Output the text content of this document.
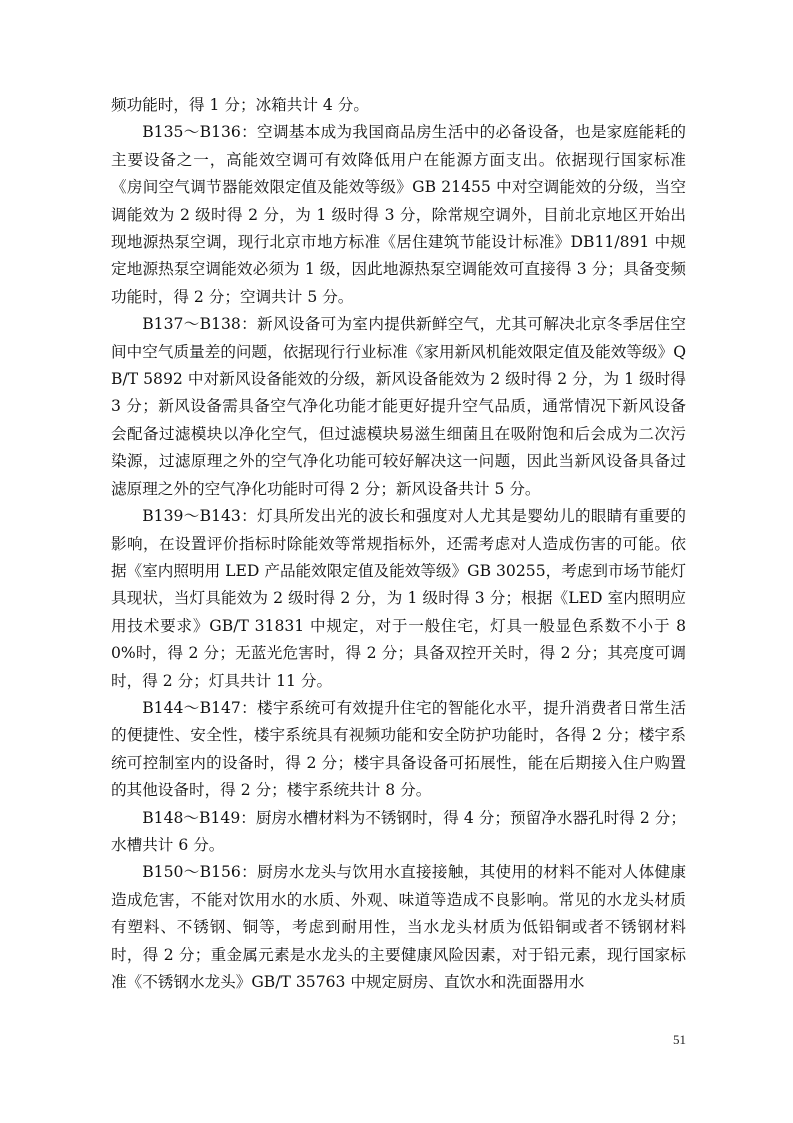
频功能时，得 1 分；冰箱共计 4 分。

B135～B136：空调基本成为我国商品房生活中的必备设备，也是家庭能耗的主要设备之一，高能效空调可有效降低用户在能源方面支出。依据现行国家标准《房间空气调节器能效限定值及能效等级》GB 21455 中对空调能效的分级，当空调能效为 2 级时得 2 分，为 1 级时得 3 分，除常规空调外，目前北京地区开始出现地源热泵空调，现行北京市地方标准《居住建筑节能设计标准》DB11/891 中规定地源热泵空调能效必须为 1 级，因此地源热泵空调能效可直接得 3 分；具备变频功能时，得 2 分；空调共计 5 分。

B137～B138：新风设备可为室内提供新鲜空气，尤其可解决北京冬季居住空间中空气质量差的问题，依据现行行业标准《家用新风机能效限定值及能效等级》QB/T 5892 中对新风设备能效的分级，新风设备能效为 2 级时得 2 分，为 1 级时得 3 分；新风设备需具备空气净化功能才能更好提升空气品质，通常情况下新风设备会配备过滤模块以净化空气，但过滤模块易滋生细菌且在吸附饱和后会成为二次污染源，过滤原理之外的空气净化功能可较好解决这一问题，因此当新风设备具备过滤原理之外的空气净化功能时可得 2 分；新风设备共计 5 分。

B139～B143：灯具所发出光的波长和强度对人尤其是婴幼儿的眼睛有重要的影响，在设置评价指标时除能效等常规指标外，还需考虑对人造成伤害的可能。依据《室内照明用 LED 产品能效限定值及能效等级》GB 30255，考虑到市场节能灯具现状，当灯具能效为 2 级时得 2 分，为 1 级时得 3 分；根据《LED 室内照明应用技术要求》GB/T 31831 中规定，对于一般住宅，灯具一般显色系数不小于 80%时，得 2 分；无蓝光危害时，得 2 分；具备双控开关时，得 2 分；其亮度可调时，得 2 分；灯具共计 11 分。

B144～B147：楼宇系统可有效提升住宅的智能化水平，提升消费者日常生活的便捷性、安全性，楼宇系统具有视频功能和安全防护功能时，各得 2 分；楼宇系统可控制室内的设备时，得 2 分；楼宇具备设备可拓展性，能在后期接入住户购置的其他设备时，得 2 分；楼宇系统共计 8 分。

B148～B149：厨房水槽材料为不锈钢时，得 4 分；预留净水器孔时得 2 分；水槽共计 6 分。

B150～B156：厨房水龙头与饮用水直接接触，其使用的材料不能对人体健康造成危害，不能对饮用水的水质、外观、味道等造成不良影响。常见的水龙头材质有塑料、不锈钢、铜等，考虑到耐用性，当水龙头材质为低铅铜或者不锈钢材料时，得 2 分；重金属元素是水龙头的主要健康风险因素，对于铅元素，现行国家标准《不锈钢水龙头》GB/T 35763 中规定厨房、直饮水和洗面器用水

51
